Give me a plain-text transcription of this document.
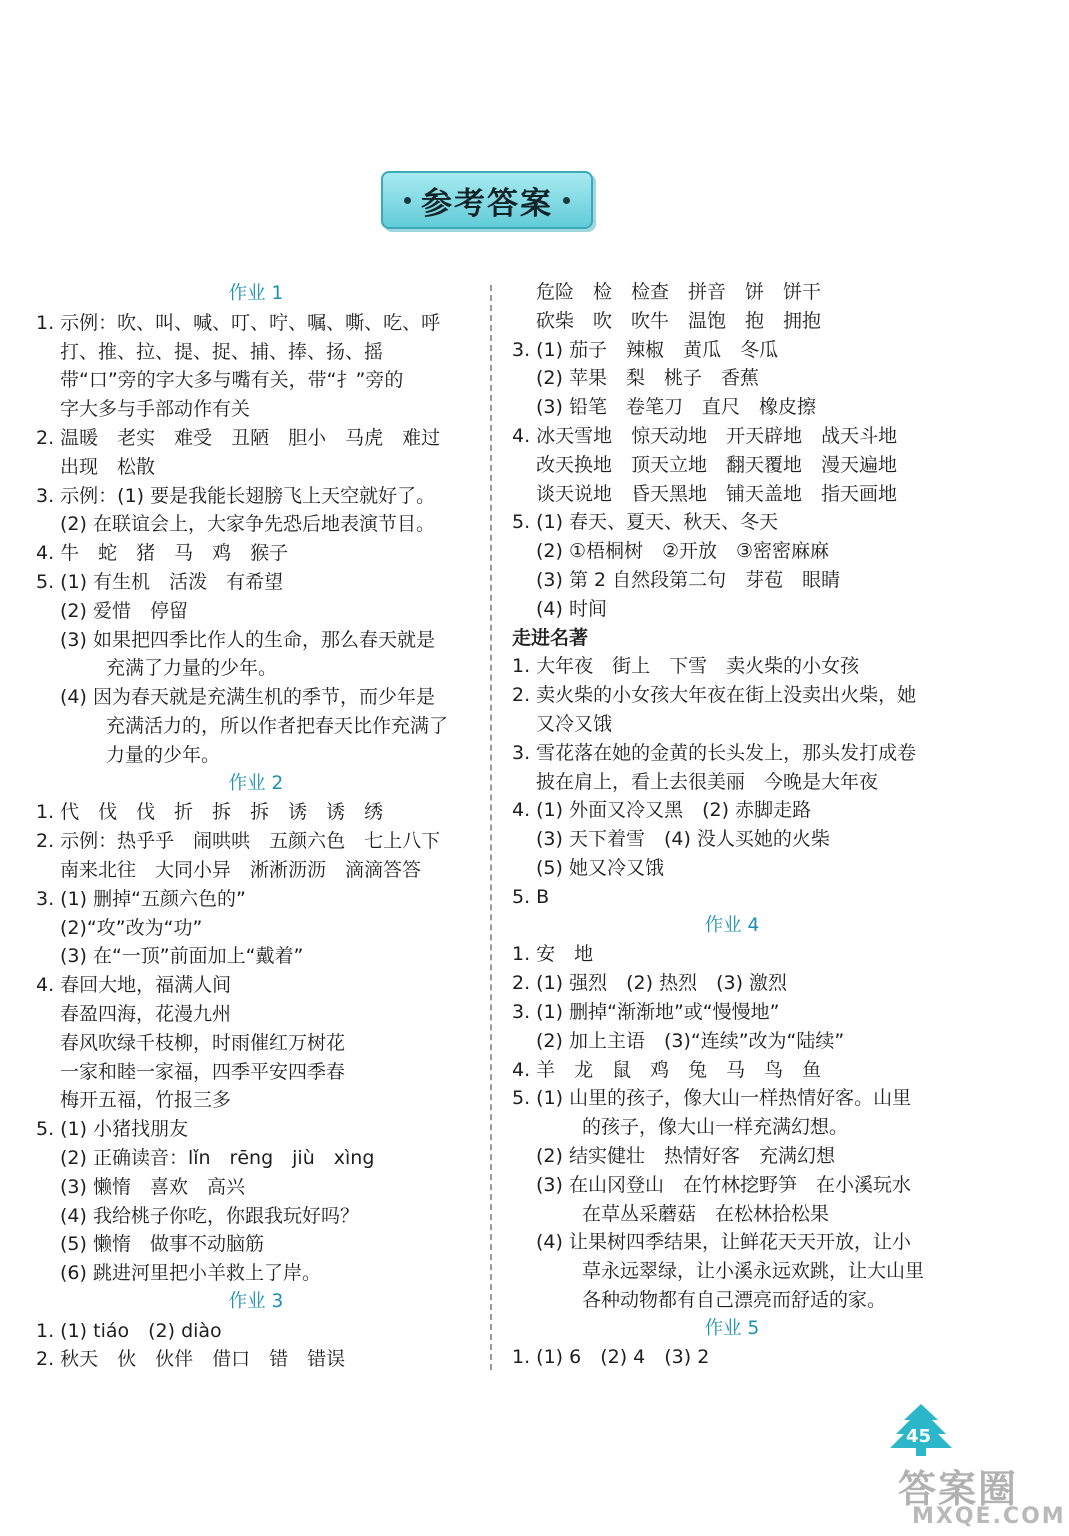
参考答案
作业 1
1. 示例：吹、叫、喊、叮、咛、嘱、嘶、吃、呼
打、推、拉、提、捉、捕、捧、扬、摇
带“口”旁的字大多与嘴有关，带“扌”旁的
字大多与手部动作有关
2. 温暖　老实　难受　丑陋　胆小　马虎　难过
出现　松散
3. 示例：(1) 要是我能长翅膀飞上天空就好了。
(2) 在联谊会上，大家争先恐后地表演节目。
4. 牛　蛇　猪　马　鸡　猴子
5. (1) 有生机　活泼　有希望
(2) 爱惜　停留
(3) 如果把四季比作人的生命，那么春天就是
充满了力量的少年。
(4) 因为春天就是充满生机的季节，而少年是
充满活力的，所以作者把春天比作充满了
力量的少年。
作业 2
1. 代　伐　伐　折　拆　拆　诱　诱　绣
2. 示例：热乎乎　闹哄哄　五颜六色　七上八下
南来北往　大同小异　淅淅沥沥　滴滴答答
3. (1) 删掉“五颜六色的”
(2)“攻”改为“功”
(3) 在“一顶”前面加上“戴着”
4. 春回大地，福满人间
春盈四海，花漫九州
春风吹绿千枝柳，时雨催红万树花
一家和睦一家福，四季平安四季春
梅开五福，竹报三多
5. (1) 小猪找朋友
(2) 正确读音：lǐn　rēng　jiù　xìng
(3) 懒惰　喜欢　高兴
(4) 我给桃子你吃，你跟我玩好吗？
(5) 懒惰　做事不动脑筋
(6) 跳进河里把小羊救上了岸。
作业 3
1. (1) tiáo　(2) diào
2. 秋天　伙　伙伴　借口　错　错误
危险　检　检查　拼音　饼　饼干
砍柴　吹　吹牛　温饱　抱　拥抱
3. (1) 茄子　辣椒　黄瓜　冬瓜
(2) 苹果　梨　桃子　香蕉
(3) 铅笔　卷笔刀　直尺　橡皮擦
4. 冰天雪地　惊天动地　开天辟地　战天斗地
改天换地　顶天立地　翻天覆地　漫天遍地
谈天说地　昏天黑地　铺天盖地　指天画地
5. (1) 春天、夏天、秋天、冬天
(2) ①梧桐树　②开放　③密密麻麻
(3) 第 2 自然段第二句　芽苞　眼睛
(4) 时间
走进名著
1. 大年夜　街上　下雪　卖火柴的小女孩
2. 卖火柴的小女孩大年夜在街上没卖出火柴，她
又冷又饿
3. 雪花落在她的金黄的长头发上，那头发打成卷
披在肩上，看上去很美丽　今晚是大年夜
4. (1) 外面又冷又黑　(2) 赤脚走路
(3) 天下着雪　(4) 没人买她的火柴
(5) 她又冷又饿
5. B
作业 4
1. 安　地
2. (1) 强烈　(2) 热烈　(3) 激烈
3. (1) 删掉“渐渐地”或“慢慢地”
(2) 加上主语　(3)“连续”改为“陆续”
4. 羊　龙　鼠　鸡　兔　马　鸟　鱼
5. (1) 山里的孩子，像大山一样热情好客。山里
的孩子，像大山一样充满幻想。
(2) 结实健壮　热情好客　充满幻想
(3) 在山冈登山　在竹林挖野笋　在小溪玩水
在草丛采蘑菇　在松林拾松果
(4) 让果树四季结果，让鲜花天天开放，让小
草永远翠绿，让小溪永远欢跳，让大山里
各种动物都有自己漂亮而舒适的家。
作业 5
1. (1) 6　(2) 4　(3) 2
45
答案圈
MXQE.COM
